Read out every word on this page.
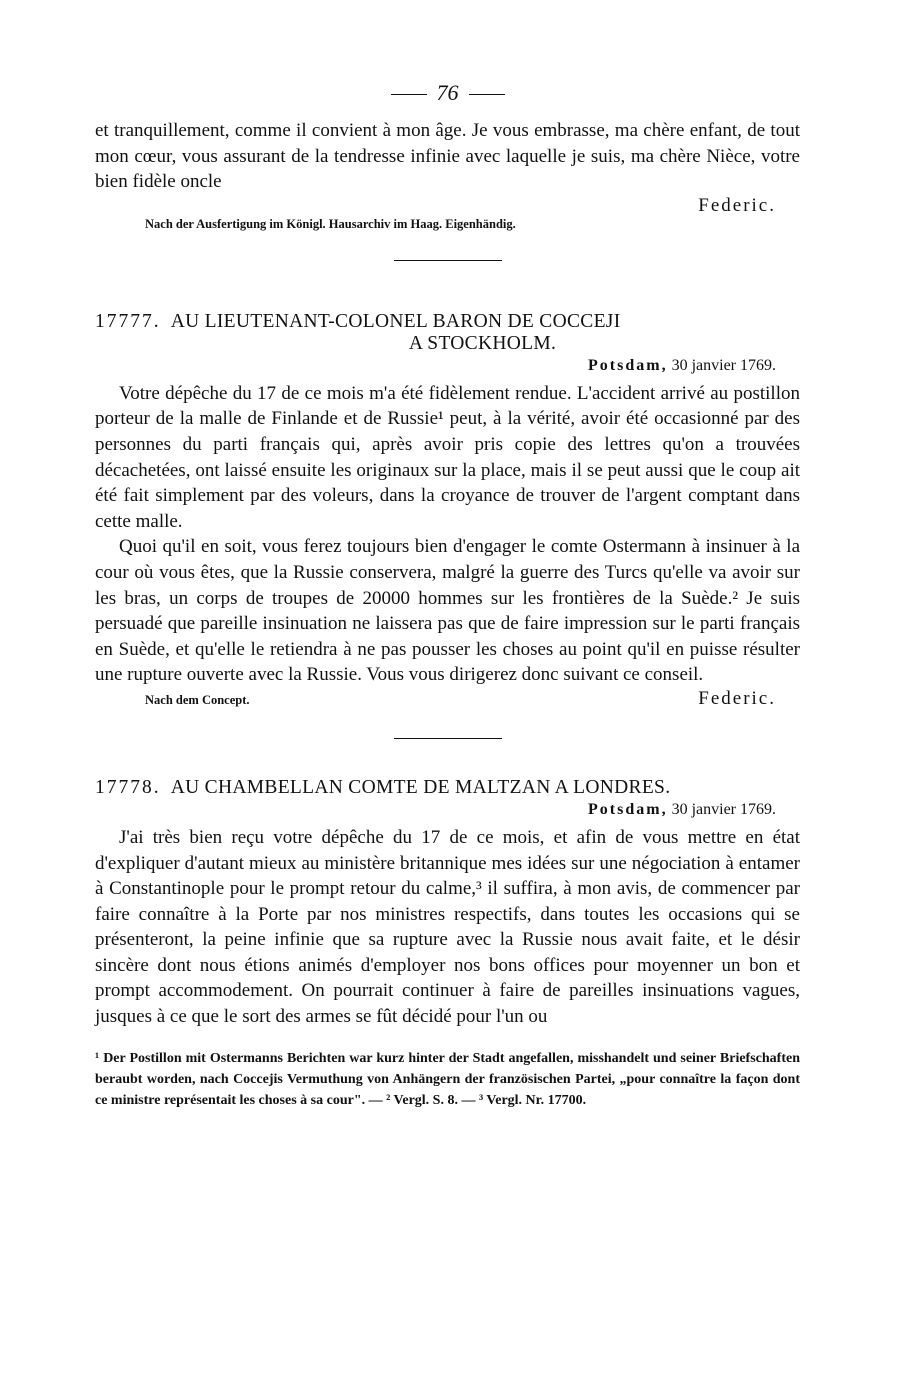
76

et tranquillement, comme il convient à mon âge. Je vous embrasse, ma chère enfant, de tout mon cœur, vous assurant de la tendresse infinie avec laquelle je suis, ma chère Nièce, votre bien fidèle oncle

Federic.

Nach der Ausfertigung im Königl. Hausarchiv im Haag. Eigenhändig.

17777. AU LIEUTENANT-COLONEL BARON DE COCCEJI

A STOCKHOLM.

Potsdam, 30 janvier 1769.

Votre dépêche du 17 de ce mois m'a été fidèlement rendue. L'accident arrivé au postillon porteur de la malle de Finlande et de Russie¹ peut, à la vérité, avoir été occasionné par des personnes du parti français qui, après avoir pris copie des lettres qu'on a trouvées décachetées, ont laissé ensuite les originaux sur la place, mais il se peut aussi que le coup ait été fait simplement par des voleurs, dans la croyance de trouver de l'argent comptant dans cette malle.

Quoi qu'il en soit, vous ferez toujours bien d'engager le comte Ostermann à insinuer à la cour où vous êtes, que la Russie conservera, malgré la guerre des Turcs qu'elle va avoir sur les bras, un corps de troupes de 20000 hommes sur les frontières de la Suède.² Je suis persuadé que pareille insinuation ne laissera pas que de faire impression sur le parti français en Suède, et qu'elle le retiendra à ne pas pousser les choses au point qu'il en puisse résulter une rupture ouverte avec la Russie. Vous vous dirigerez donc suivant ce conseil.

Nach dem Concept.	Federic.

17778. AU CHAMBELLAN COMTE DE MALTZAN A LONDRES.

Potsdam, 30 janvier 1769.

J'ai très bien reçu votre dépêche du 17 de ce mois, et afin de vous mettre en état d'expliquer d'autant mieux au ministère britannique mes idées sur une négociation à entamer à Constantinople pour le prompt retour du calme,³ il suffira, à mon avis, de commencer par faire connaître à la Porte par nos ministres respectifs, dans toutes les occasions qui se présenteront, la peine infinie que sa rupture avec la Russie nous avait faite, et le désir sincère dont nous étions animés d'employer nos bons offices pour moyenner un bon et prompt accommodement. On pourrait continuer à faire de pareilles insinuations vagues, jusques à ce que le sort des armes se fût décidé pour l'un ou

¹ Der Postillon mit Ostermanns Berichten war kurz hinter der Stadt angefallen, misshandelt und seiner Briefschaften beraubt worden, nach Coccejis Vermuthung von Anhängern der französischen Partei, „pour connaître la façon dont ce ministre représentait les choses à sa cour". — ² Vergl. S. 8. — ³ Vergl. Nr. 17700.
